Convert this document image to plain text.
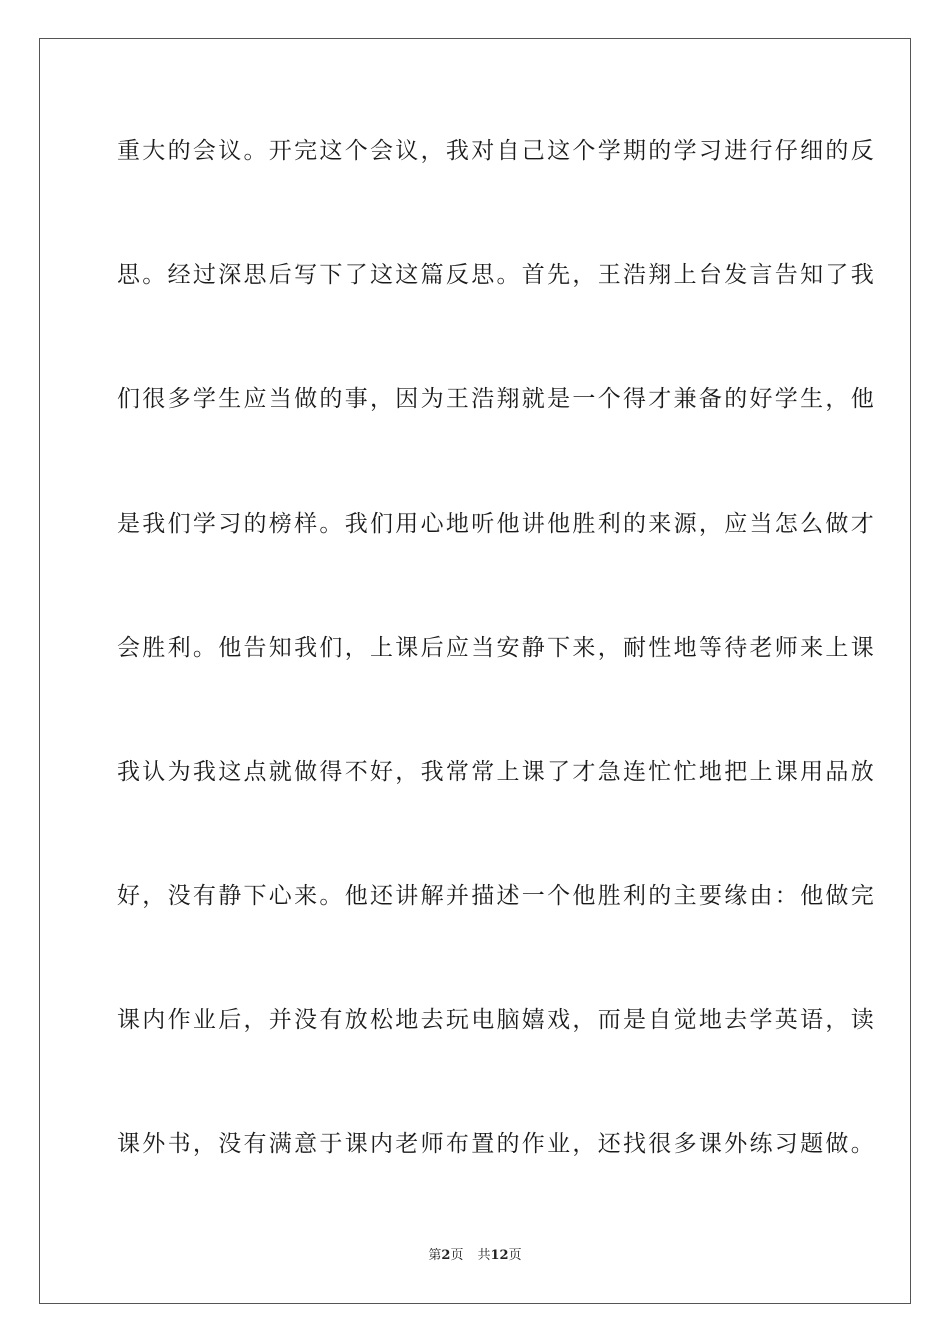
重大的会议。开完这个会议，我对自己这个学期的学习进行仔细的反
思。经过深思后写下了这这篇反思。首先，王浩翔上台发言告知了我
们很多学生应当做的事，因为王浩翔就是一个得才兼备的好学生，他
是我们学习的榜样。我们用心地听他讲他胜利的来源，应当怎么做才
会胜利。他告知我们，上课后应当安静下来，耐性地等待老师来上课
我认为我这点就做得不好，我常常上课了才急连忙忙地把上课用品放
好，没有静下心来。他还讲解并描述一个他胜利的主要缘由：他做完
课内作业后，并没有放松地去玩电脑嬉戏，而是自觉地去学英语，读
课外书，没有满意于课内老师布置的作业，还找很多课外练习题做。
第2页 共12页
